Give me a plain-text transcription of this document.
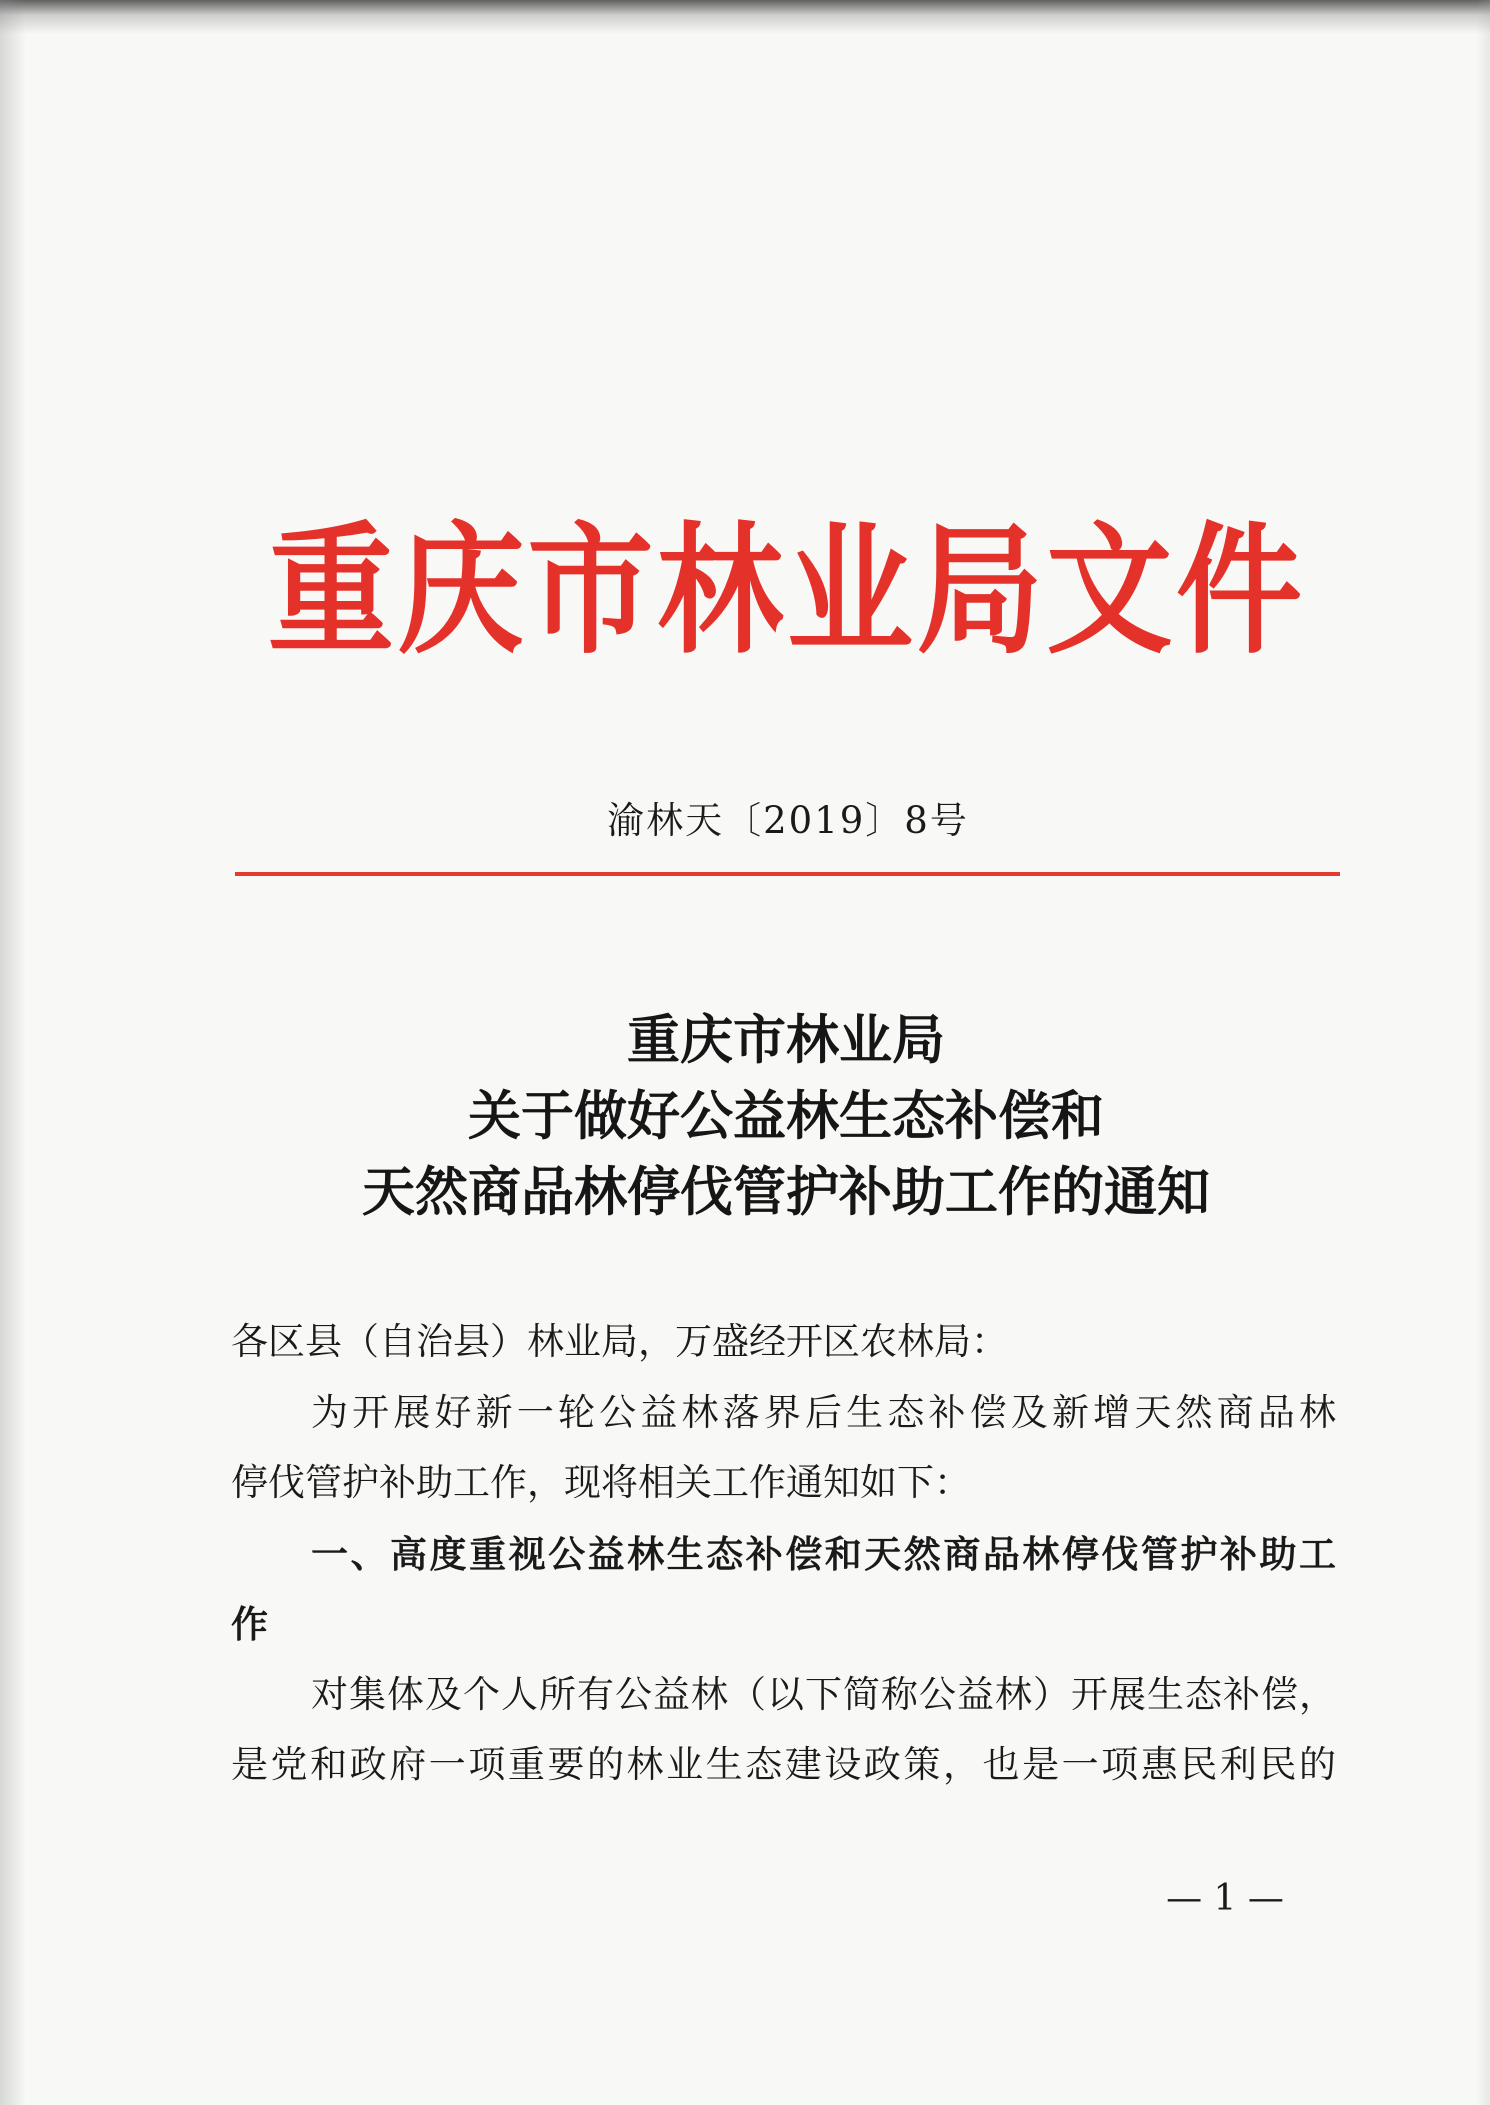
重庆市林业局文件
渝林天〔2019〕8号
重庆市林业局
关于做好公益林生态补偿和
天然商品林停伐管护补助工作的通知
各区县（自治县）林业局，万盛经开区农林局：
为开展好新一轮公益林落界后生态补偿及新增天然商品林
停伐管护补助工作，现将相关工作通知如下：
一、高度重视公益林生态补偿和天然商品林停伐管护补助工
作
对集体及个人所有公益林（以下简称公益林）开展生态补偿，
是党和政府一项重要的林业生态建设政策，也是一项惠民利民的
— 1 —
